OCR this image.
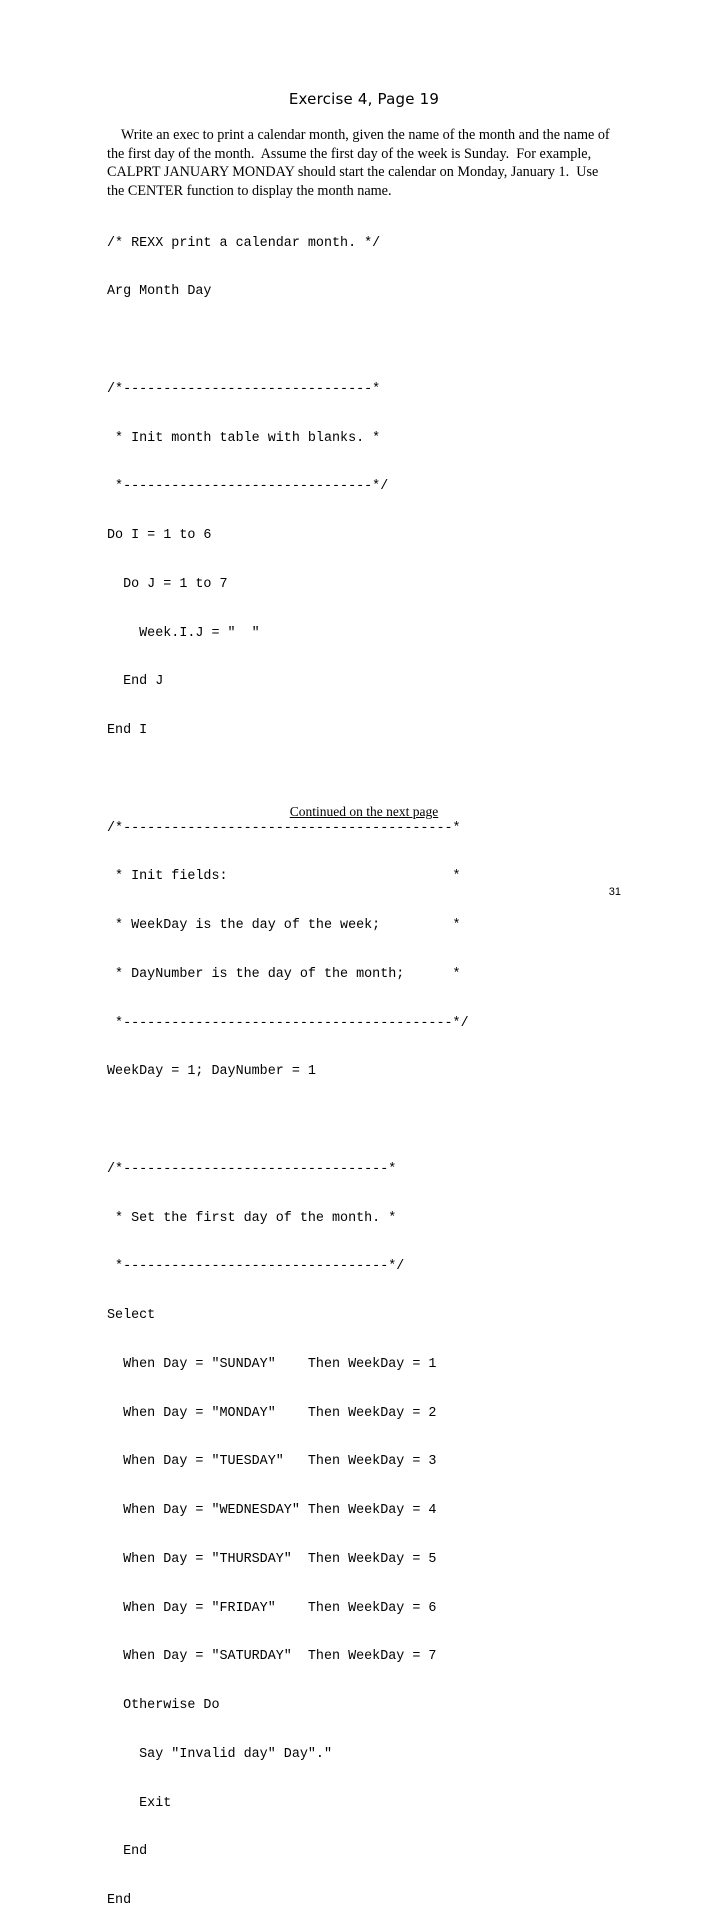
Exercise 4, Page 19
Write an exec to print a calendar month, given the name of the month and the name of
the first day of the month.  Assume the first day of the week is Sunday.  For example,
CALPRT JANUARY MONDAY should start the calendar on Monday, January 1.  Use
the CENTER function to display the month name.

/* REXX print a calendar month. */

Arg Month Day

/*-------------------------------*

* Init month table with blanks. *

*-------------------------------*/

Do I = 1 to 6

Do J = 1 to 7

Week.I.J = "  "

End J

End I

/*-----------------------------------------*

* Init fields:                            *

* WeekDay is the day of the week;         *

* DayNumber is the day of the month;      *

*-----------------------------------------*/

WeekDay = 1; DayNumber = 1

/*---------------------------------*

* Set the first day of the month. *

*---------------------------------*/

Select

When Day = "SUNDAY"    Then WeekDay = 1

When Day = "MONDAY"    Then WeekDay = 2

When Day = "TUESDAY"   Then WeekDay = 3

When Day = "WEDNESDAY" Then WeekDay = 4

When Day = "THURSDAY"  Then WeekDay = 5

When Day = "FRIDAY"    Then WeekDay = 6

When Day = "SATURDAY"  Then WeekDay = 7

Otherwise Do

Say "Invalid day" Day"."

Exit

End

End

Continued on the next page
31
